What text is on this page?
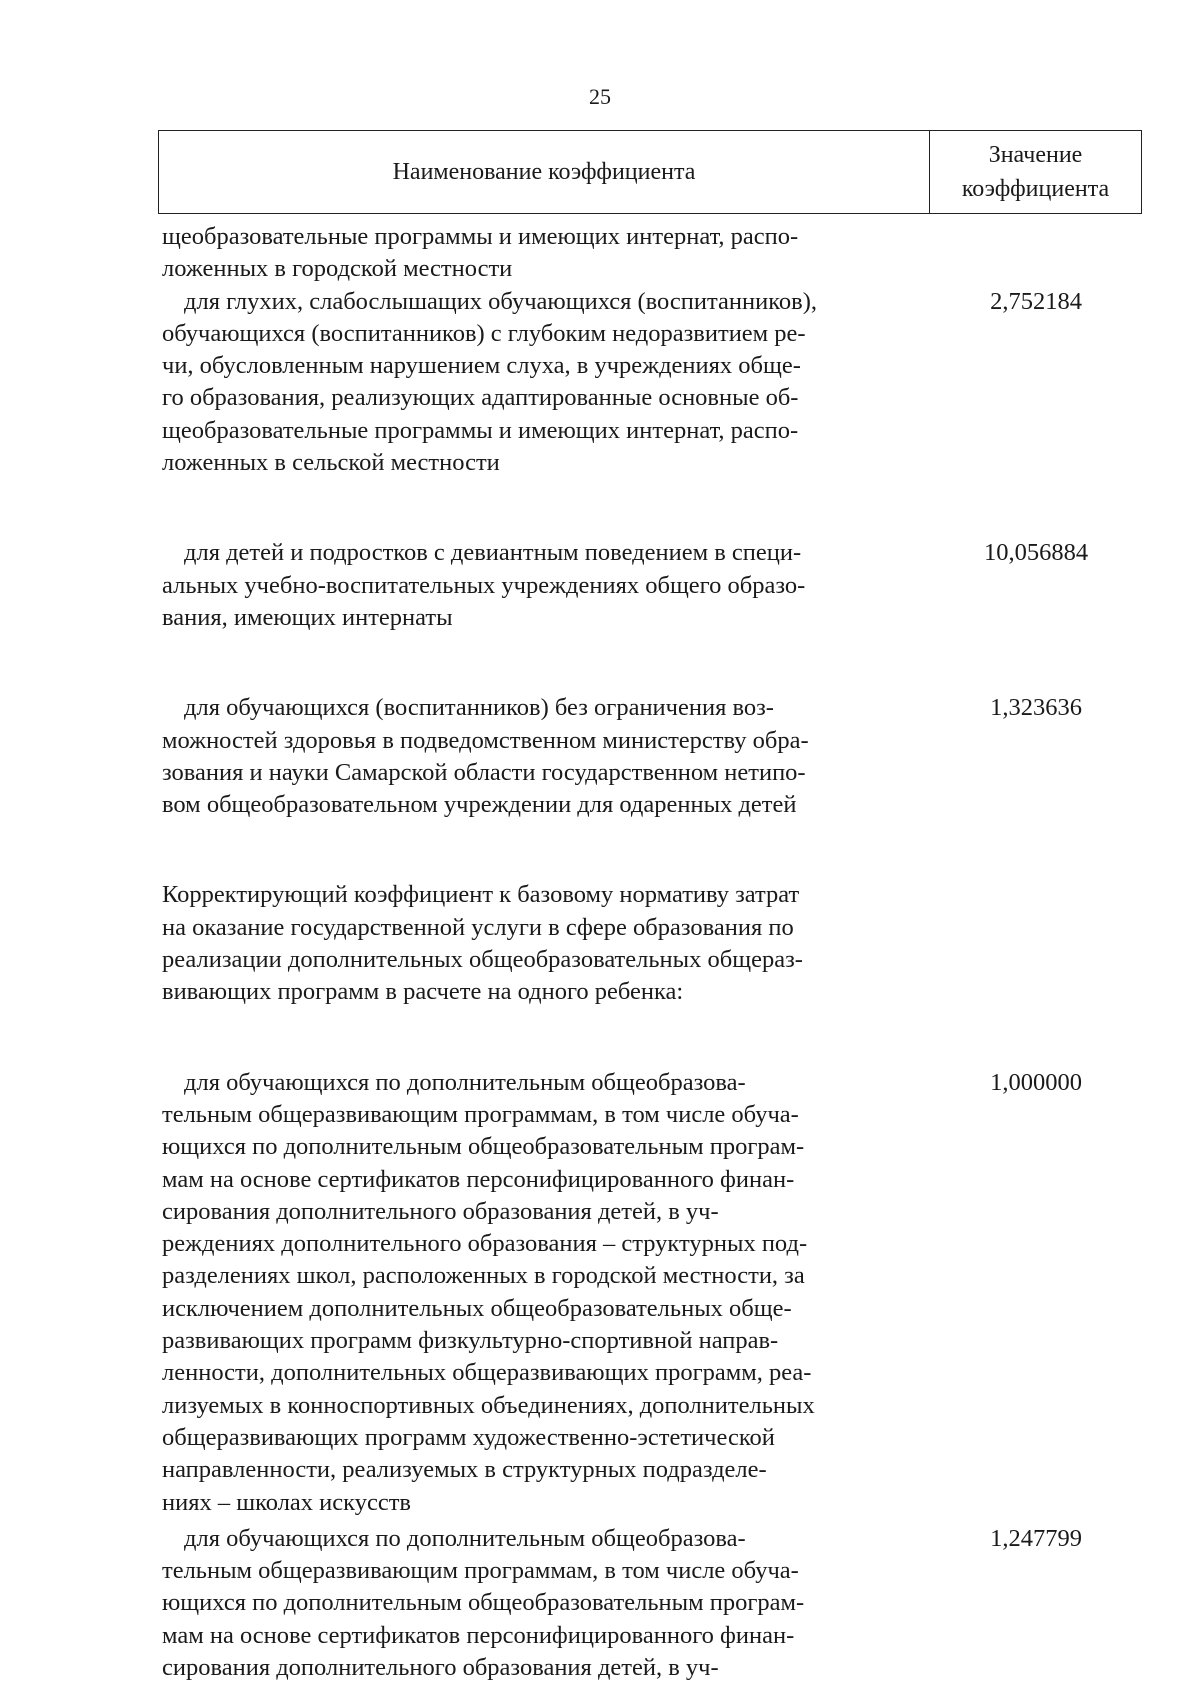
25
Наименование коэффициента
Значение
коэффициента
щеобразовательные программы и имеющих интернат, распо-
ложенных в городской местности
для глухих, слабослышащих обучающихся (воспитанников),
обучающихся (воспитанников) с глубоким недоразвитием ре-
чи, обусловленным нарушением слуха, в учреждениях обще-
го образования, реализующих адаптированные основные об-
щеобразовательные программы и имеющих интернат, распо-
ложенных в сельской местности
2,752184
для детей и подростков с девиантным поведением в специ-
альных учебно-воспитательных учреждениях общего образо-
вания, имеющих интернаты
10,056884
для обучающихся (воспитанников) без ограничения воз-
можностей здоровья в подведомственном министерству обра-
зования и науки Самарской области государственном нетипо-
вом общеобразовательном учреждении для одаренных детей
1,323636
Корректирующий коэффициент к базовому нормативу затрат
на оказание государственной услуги в сфере образования по
реализации дополнительных общеобразовательных общераз-
вивающих программ в расчете на одного ребенка:
для обучающихся по дополнительным общеобразова-
тельным общеразвивающим программам, в том числе обуча-
ющихся по дополнительным общеобразовательным програм-
мам на основе сертификатов персонифицированного финан-
сирования дополнительного образования детей, в уч-
реждениях дополнительного образования – структурных под-
разделениях школ, расположенных в городской местности, за
исключением дополнительных общеобразовательных обще-
развивающих программ физкультурно-спортивной направ-
ленности, дополнительных общеразвивающих программ, реа-
лизуемых в конноспортивных объединениях, дополнительных
общеразвивающих программ художественно-эстетической
направленности, реализуемых в структурных подразделе-
ниях – школах искусств
1,000000
для обучающихся по дополнительным общеобразова-
тельным общеразвивающим программам, в том числе обуча-
ющихся по дополнительным общеобразовательным програм-
мам на основе сертификатов персонифицированного финан-
сирования дополнительного образования детей, в уч-
1,247799
